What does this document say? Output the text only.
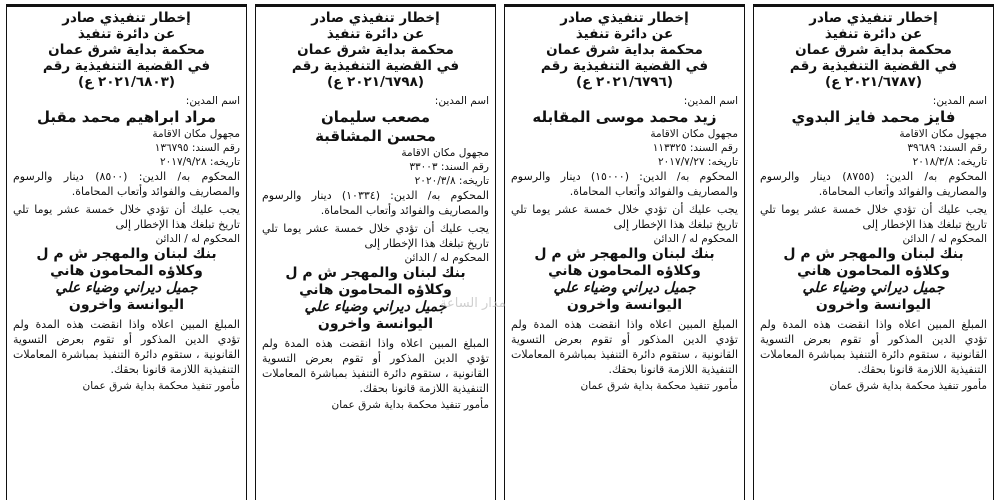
إخطار تنفيذي صادر
عن دائرة تنفيذ
محكمة بداية شرق عمان
في القضية التنفيذية رقم
(٢٠٢١/٦٧٨٧ ع)
اسم المدين:
فايز محمد فايز البدوي
مجهول مكان الاقامة
رقم السند: ٣٩٦٨٩
تاريخه: ٢٠١٨/٣/٨
المحكوم به/ الدين: (٨٧٥٥) دينار والرسوم والمصاريف والفوائد وأتعاب المحاماة.
يجب عليك أن تؤدي خلال خمسة عشر يوما تلي تاريخ تبلغك هذا الإخطار إلى
المحكوم له / الدائن
بنك لبنان والمهجر ش م ل
وكلاؤه المحامون هاني
جميل ديراني وضياء علي
اليوانسة واخرون
المبلغ المبين اعلاه واذا انقضت هذه المدة ولم تؤدي الدين المذكور أو تقوم بعرض التسوية القانونية ، ستقوم دائرة التنفيذ بمباشرة المعاملات التنفيذية اللازمة قانونا بحقك.
مأمور تنفيذ محكمة بداية شرق عمان
إخطار تنفيذي صادر
عن دائرة تنفيذ
محكمة بداية شرق عمان
في القضية التنفيذية رقم
(٢٠٢١/٦٧٩٦ ع)
اسم المدين:
زيد محمد موسى المقابله
مجهول مكان الاقامة
رقم السند: ١١٣٣٢٥
تاريخه: ٢٠١٧/٧/٢٧
المحكوم به/ الدين: (١٥٠٠٠) دينار والرسوم والمصاريف والفوائد وأتعاب المحاماة.
يجب عليك أن تؤدي خلال خمسة عشر يوما تلي تاريخ تبلغك هذا الإخطار إلى
المحكوم له / الدائن
بنك لبنان والمهجر ش م ل
وكلاؤه المحامون هاني
جميل ديراني وضياء علي
اليوانسة واخرون
المبلغ المبين اعلاه واذا انقضت هذه المدة ولم تؤدي الدين المذكور أو تقوم بعرض التسوية القانونية ، ستقوم دائرة التنفيذ بمباشرة المعاملات التنفيذية اللازمة قانونا بحقك.
مأمور تنفيذ محكمة بداية شرق عمان
إخطار تنفيذي صادر
عن دائرة تنفيذ
محكمة بداية شرق عمان
في القضية التنفيذية رقم
(٢٠٢١/٦٧٩٨ ع)
اسم المدين:
مصعب سليمان
محسن المشاقبة
مجهول مكان الاقامة
رقم السند: ٣٣٠٠٣
تاريخه: ٢٠٢٠/٣/٨
المحكوم به/ الدين: (١٠٣٣٤) دينار والرسوم والمصاريف والفوائد وأتعاب المحاماة.
يجب عليك أن تؤدي خلال خمسة عشر يوما تلي تاريخ تبلغك هذا الإخطار إلى
المحكوم له / الدائن
بنك لبنان والمهجر ش م ل
وكلاؤه المحامون هاني
جميل ديراني وضياء علي
اليوانسة واخرون
المبلغ المبين اعلاه واذا انقضت هذه المدة ولم تؤدي الدين المذكور أو تقوم بعرض التسوية القانونية ، ستقوم دائرة التنفيذ بمباشرة المعاملات التنفيذية اللازمة قانونا بحقك.
مأمور تنفيذ محكمة بداية شرق عمان
إخطار تنفيذي صادر
عن دائرة تنفيذ
محكمة بداية شرق عمان
في القضية التنفيذية رقم
(٢٠٢١/٦٨٠٣ ع)
اسم المدين:
مراد ابراهيم محمد مقبل
مجهول مكان الاقامة
رقم السند: ١٣٦٧٩٥
تاريخه: ٢٠١٧/٩/٢٨
المحكوم به/ الدين: (٨٥٠٠) دينار والرسوم والمصاريف والفوائد وأتعاب المحاماة.
يجب عليك أن تؤدي خلال خمسة عشر يوما تلي تاريخ تبلغك هذا الإخطار إلى
المحكوم له / الدائن
بنك لبنان والمهجر ش م ل
وكلاؤه المحامون هاني
جميل ديراني وضياء علي
اليوانسة واخرون
المبلغ المبين اعلاه واذا انقضت هذه المدة ولم تؤدي الدين المذكور أو تقوم بعرض التسوية القانونية ، ستقوم دائرة التنفيذ بمباشرة المعاملات التنفيذية اللازمة قانونا بحقك.
مأمور تنفيذ محكمة بداية شرق عمان
مدار الساعة
